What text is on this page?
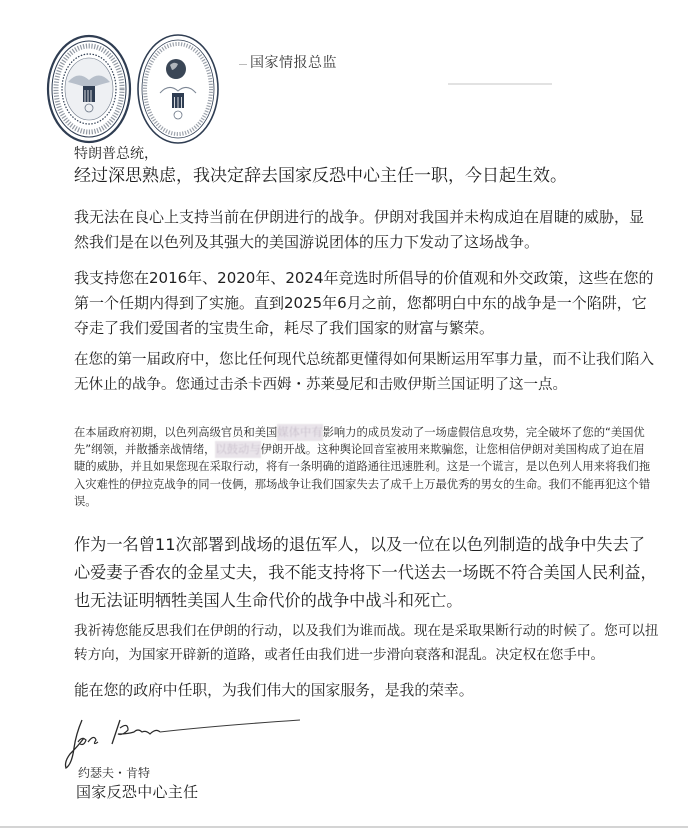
国家情报总监
特朗普总统，
经过深思熟虑，我决定辞去国家反恐中心主任一职，今日起生效。
我无法在良心上支持当前在伊朗进行的战争。伊朗对我国并未构成迫在眉睫的威胁，显然我们是在以色列及其强大的美国游说团体的压力下发动了这场战争。
我支持您在2016年、2020年、2024年竞选时所倡导的价值观和外交政策，这些在您的第一个任期内得到了实施。直到2025年6月之前，您都明白中东的战争是一个陷阱，它夺走了我们爱国者的宝贵生命，耗尽了我们国家的财富与繁荣。
在您的第一届政府中，您比任何现代总统都更懂得如何果断运用军事力量，而不让我们陷入无休止的战争。您通过击杀卡西姆・苏莱曼尼和击败伊斯兰国证明了这一点。
在本届政府初期，以色列高级官员和美国媒体中有影响力的成员发动了一场虚假信息攻势，完全破坏了您的“美国优先”纲领，并散播亲战情绪，以鼓动与伊朗开战。这种舆论回音室被用来欺骗您，让您相信伊朗对美国构成了迫在眉睫的威胁，并且如果您现在采取行动，将有一条明确的道路通往迅速胜利。这是一个谎言，是以色列人用来将我们拖入灾难性的伊拉克战争的同一伎俩，那场战争让我们国家失去了成千上万最优秀的男女的生命。我们不能再犯这个错误。
作为一名曾11次部署到战场的退伍军人，以及一位在以色列制造的战争中失去了心爱妻子香农的金星丈夫，我不能支持将下一代送去一场既不符合美国人民利益，也无法证明牺牲美国人生命代价的战争中战斗和死亡。
我祈祷您能反思我们在伊朗的行动，以及我们为谁而战。现在是采取果断行动的时候了。您可以扭转方向，为国家开辟新的道路，或者任由我们进一步滑向衰落和混乱。决定权在您手中。
能在您的政府中任职，为我们伟大的国家服务，是我的荣幸。
约瑟夫・肯特
国家反恐中心主任
